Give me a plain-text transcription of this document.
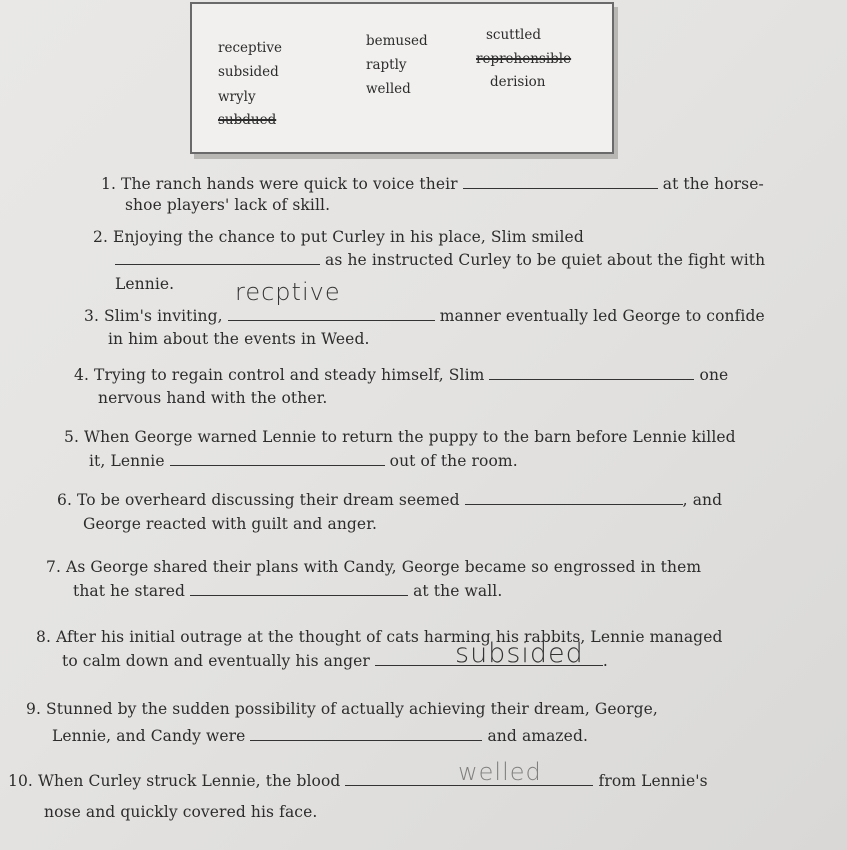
receptive	bemused	scuttled
subsided	raptly	reprehensible
wryly	welled	derision
subdued
1. The ranch hands were quick to voice their	at the horse-
shoe players' lack of skill.
2. Enjoying the chance to put Curley in his place, Slim smiled
as he instructed Curley to be quiet about the fight with
Lennie.
3. Slim's inviting,	manner eventually led George to confide
recptive
in him about the events in Weed.
4. Trying to regain control and steady himself, Slim	one
nervous hand with the other.
5. When George warned Lennie to return the puppy to the barn before Lennie killed
it, Lennie	out of the room.
6. To be overheard discussing their dream seemed	, and
George reacted with guilt and anger.
7. As George shared their plans with Candy, George became so engrossed in them
that he stared	at the wall.
8. After his initial outrage at the thought of cats harming his rabbits, Lennie managed
to calm down and eventually his anger	.
subsided
9. Stunned by the sudden possibility of actually achieving their dream, George,
Lennie, and Candy were	and amazed.
10. When Curley struck Lennie, the blood	from Lennie's
welled
nose and quickly covered his face.
